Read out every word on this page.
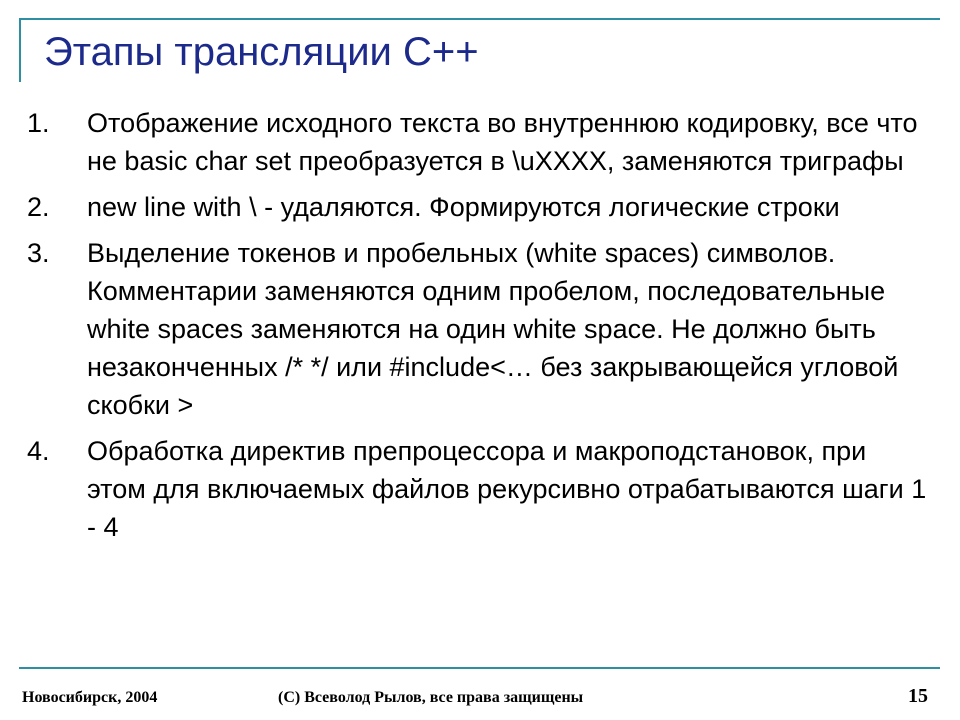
Этапы трансляции С++
1. Отображение исходного текста во внутреннюю кодировку, все что не basic char set преобразуется в \uXXXX, заменяются триграфы
2. new line with \ - удаляются. Формируются логические строки
3. Выделение токенов и пробельных (white spaces) символов. Комментарии заменяются одним пробелом, последовательные white spaces заменяются на один white space. Не должно быть незаконченных /* */ или #include<… без закрывающейся угловой скобки >
4. Обработка директив препроцессора и макроподстановок, при этом для включаемых файлов рекурсивно отрабатываются шаги 1 - 4
Новосибирск, 2004	(С) Всеволод Рылов, все права защищены	15
